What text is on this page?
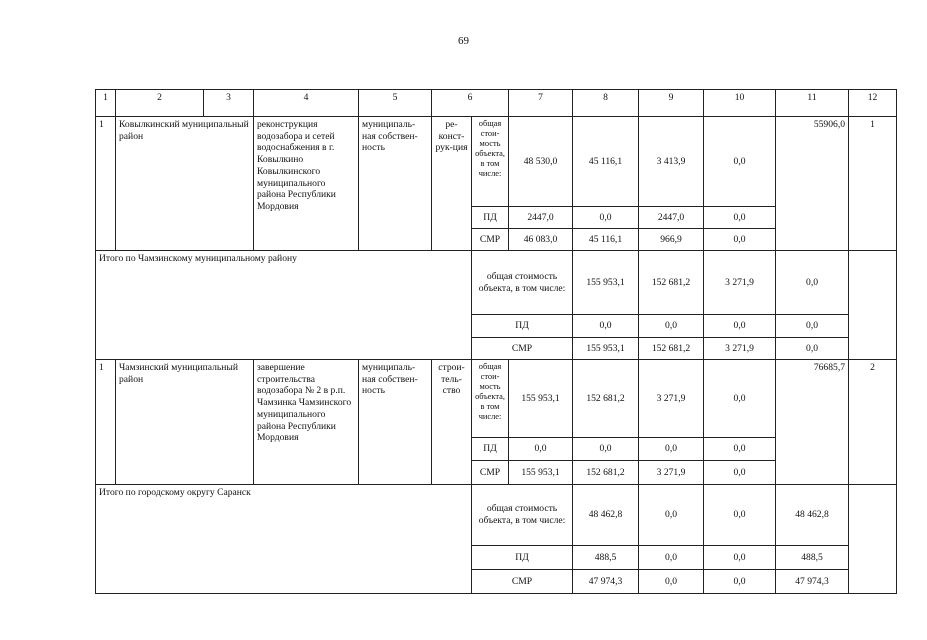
69
1	2	3	4	5	6		7	8	9	10	11	12	
1	Ковылкинский муниципальный район		реконструкция водозабора и сетей водоснабжения в г. Ковылкино Ковылкинского муниципального района Республики Мордовия	муниципаль-ная собствен-ность	ре-конст-рук-ция	общая стои-мость объекта, в том числе:	48 530,0	45 116,1	3 413,9	0,0	55906,0	1	
						ПД	2447,0	0,0	2447,0	0,0			
						СМР	46 083,0	45 116,1	966,9	0,0			
Итого по Чамзинскому муниципальному району						общая стоимость объекта, в том числе:		155 953,1	152 681,2	3 271,9	0,0		
						ПД		0,0	0,0	0,0	0,0		
						СМР		155 953,1	152 681,2	3 271,9	0,0		
1	Чамзинский муниципальный район		завершение строительства водозабора № 2 в р.п. Чамзинка Чамзинского муниципального района Республики Мордовия	муниципаль-ная собствен-ность	строи-тель-ство	общая стои-мость объекта, в том числе:	155 953,1	152 681,2	3 271,9	0,0	76685,7	2	
						ПД	0,0	0,0	0,0	0,0			
						СМР	155 953,1	152 681,2	3 271,9	0,0			
Итого по городскому округу Саранск						общая стоимость объекта, в том числе:		48 462,8	0,0	0,0	48 462,8		
						ПД		488,5	0,0	0,0	488,5		
						СМР		47 974,3	0,0	0,0	47 974,3		
